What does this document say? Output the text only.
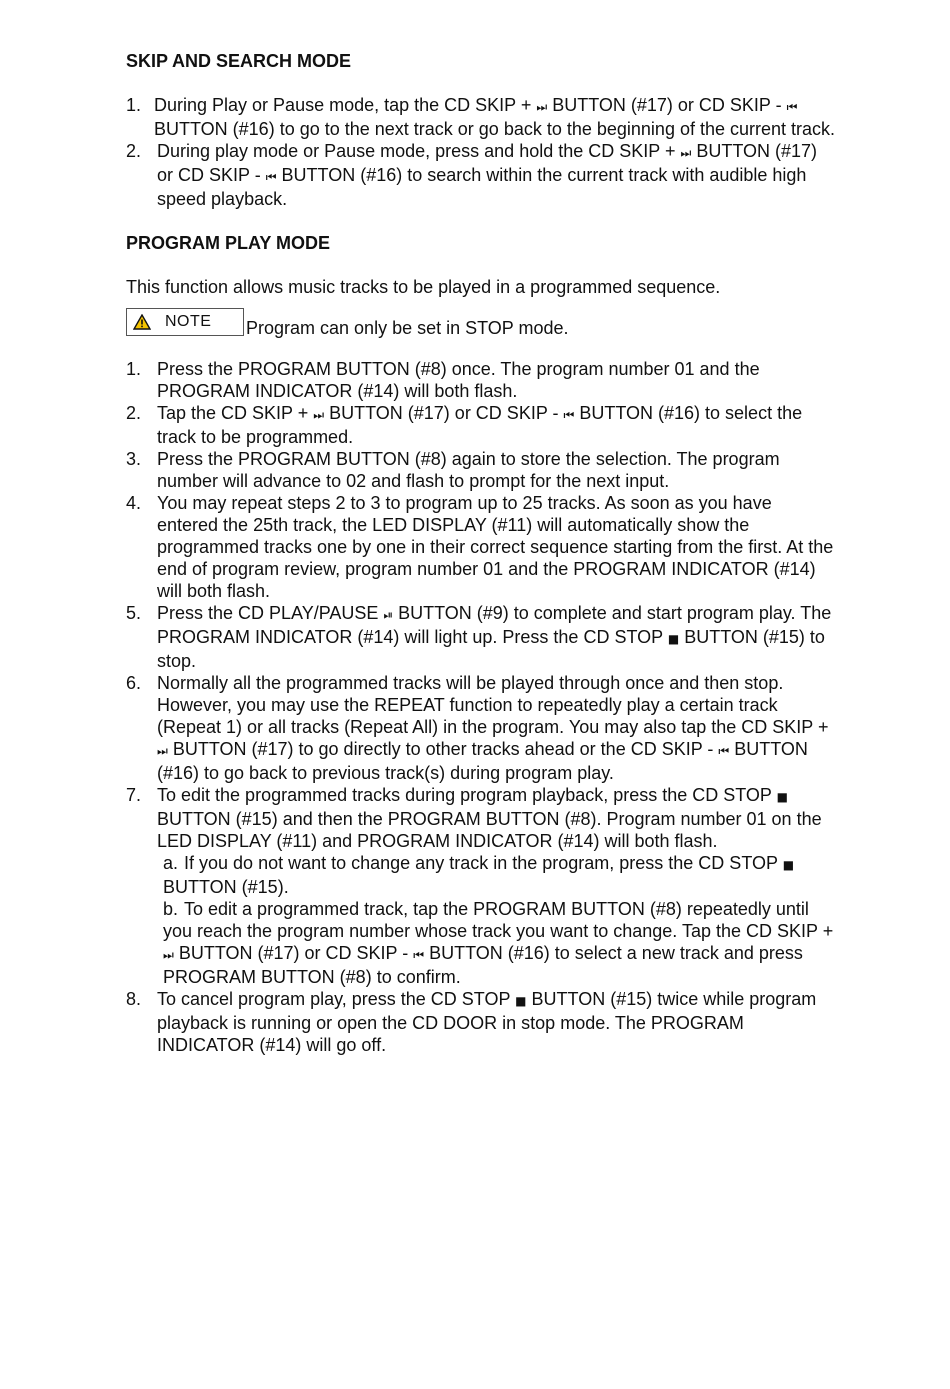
SKIP AND SEARCH MODE
1. During Play or Pause mode, tap the CD SKIP + ⏭ BUTTON (#17) or CD SKIP - ⏮ BUTTON (#16) to go to the next track or go back to the beginning of the current track.
2. During play mode or Pause mode, press and hold the CD SKIP + ⏭ BUTTON (#17) or CD SKIP - ⏮ BUTTON (#16) to search within the current track with audible high speed playback.
PROGRAM PLAY MODE
This function allows music tracks to be played in a programmed sequence.
NOTE Program can only be set in STOP mode.
1. Press the PROGRAM BUTTON (#8) once. The program number 01 and the PROGRAM INDICATOR (#14) will both flash.
2. Tap the CD SKIP + ⏭ BUTTON (#17) or CD SKIP - ⏮ BUTTON (#16) to select the track to be programmed.
3. Press the PROGRAM BUTTON (#8) again to store the selection. The program number will advance to 02 and flash to prompt for the next input.
4. You may repeat steps 2 to 3 to program up to 25 tracks. As soon as you have entered the 25th track, the LED DISPLAY (#11) will automatically show the programmed tracks one by one in their correct sequence starting from the first. At the end of program review, program number 01 and the PROGRAM INDICATOR (#14) will both flash.
5. Press the CD PLAY/PAUSE ⏯ BUTTON (#9) to complete and start program play. The PROGRAM INDICATOR (#14) will light up. Press the CD STOP ■ BUTTON (#15) to stop.
6. Normally all the programmed tracks will be played through once and then stop. However, you may use the REPEAT function to repeatedly play a certain track (Repeat 1) or all tracks (Repeat All) in the program. You may also tap the CD SKIP + ⏭ BUTTON (#17) to go directly to other tracks ahead or the CD SKIP - ⏮ BUTTON (#16) to go back to previous track(s) during program play.
7. To edit the programmed tracks during program playback, press the CD STOP ■ BUTTON (#15) and then the PROGRAM BUTTON (#8). Program number 01 on the LED DISPLAY (#11) and PROGRAM INDICATOR (#14) will both flash.
a. If you do not want to change any track in the program, press the CD STOP ■ BUTTON (#15).
b. To edit a programmed track, tap the PROGRAM BUTTON (#8) repeatedly until you reach the program number whose track you want to change. Tap the CD SKIP + ⏭ BUTTON (#17) or CD SKIP - ⏮ BUTTON (#16) to select a new track and press PROGRAM BUTTON (#8) to confirm.
8. To cancel program play, press the CD STOP ■ BUTTON (#15) twice while program playback is running or open the CD DOOR in stop mode. The PROGRAM INDICATOR (#14) will go off.
